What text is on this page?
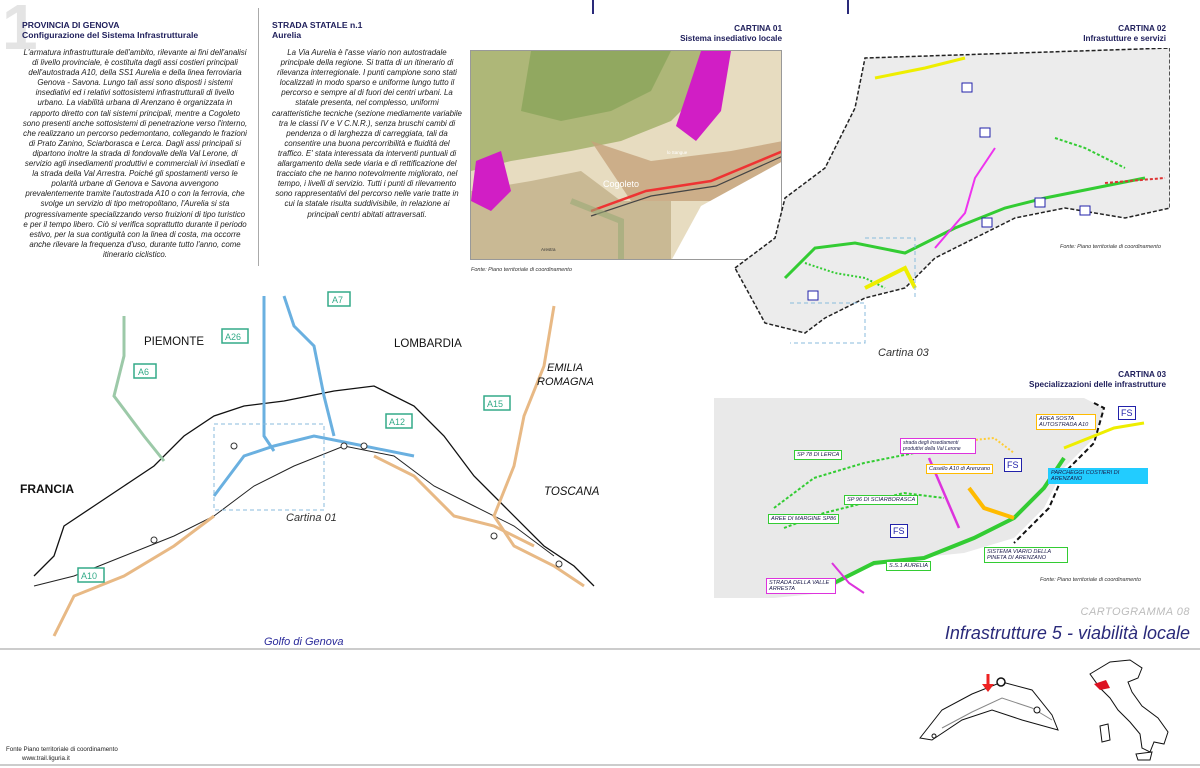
1
PROVINCIA DI GENOVA
Configurazione del Sistema Infrastrutturale

L'armatura infrastrutturale dell'ambito, rilevante ai fini dell'analisi di livello provinciale, è costituita dagli assi costieri principali dell'autostrada A10, della SS1 Aurelia e della linea ferroviaria Genova - Savona. Lungo tali assi sono disposti i sistemi insediativi ed i relativi sottosistemi infrastrutturali di livello urbano. La viabilità urbana di Arenzano è organizzata in rapporto diretto con tali sistemi principali, mentre a Cogoleto sono presenti anche sottosistemi di penetrazione verso l'interno, che realizzano un percorso pedemontano, collegando le frazioni di Prato Zanino, Sciarborasca e Lerca. Dagli assi principali si dipartono inoltre la strada di fondovalle della Val Lerone, di servizio agli insediamenti produttivi e commerciali ivi insediati e la strada della Val Arrestra. Poiché gli spostamenti verso le polarità urbane di Genova e Savona avvengono prevalentemente tramite l'autostrada A10 o con la ferrovia, che svolge un servizio di tipo metropolitano, l'Aurelia si sta progressivamente specializzando verso fruizioni di tipo turistico e per il tempo libero. Ciò si verifica soprattutto durante il periodo estivo, per la sua contiguità con la linea di costa, ma occorre anche rilevare la frequenza d'uso, durante tutto l'anno, come itinerario ciclistico.

STRADA STATALE n.1
Aurelia

La Via Aurelia è l'asse viario non autostradale principale della regione. Si tratta di un itinerario di rilevanza interregionale. I punti campione sono stati localizzati in modo sparso e uniforme lungo tutto il percorso e sempre al di fuori dei centri urbani. La statale presenta, nel complesso, uniformi caratteristiche tecniche (sezione mediamente variabile tra le classi IV e V C.N.R.), senza bruschi cambi di pendenza o di larghezza di carreggiata, tali da consentire una buona percorribilità e fluidità del traffico. E' stata interessata da interventi puntuali di allargamento della sede viaria e di rettificazione del tracciato che ne hanno notevolmente migliorato, nel tempo, i livelli di servizio. Tutti i punti di rilevamento sono rappresentativi del percorso nelle varie tratte in cui la statale risulta suddivisibile, in relazione ai principali centri abitati attraversati.

CARTINA 01
Sistema insediativo locale
Cogoleto
lo Sangue
Arestra
Fonte: Piano territoriale di coordinamento
CARTINA 02
Infrastutture e servizi
Fonte: Piano territoriale di coordinamento
Cartina 03
CARTINA 03
Specializzazioni delle infrastrutture
SP 78 DI LERCA
SP 96 DI SCIARBORASCA
AREE DI MARGINE SP86
S.S.1 AURELIA
STRADA DELLA VALLE ARRESTA
strada degli insediamenti produttivi della Val Lerone
Casello A10 di Arenzano
AREA SOSTA AUTOSTRADA A10
PARCHEGGI COSTIERI DI ARENZANO
SISTEMA VIARIO DELLA PINETA DI ARENZANO
FS
FS
FS
Fonte: Piano territoriale di coordinamento
A6
A26
A7
A12
A15
A10
PIEMONTE	LOMBARDIA
EMILIA
ROMAGNA
TOSCANA
FRANCIA
Golfo di Genova
Cartina 01
CARTOGRAMMA 08
Infrastrutture 5 - viabilità locale
Fonte Piano territoriale di coordinamento
www.trail.liguria.it
